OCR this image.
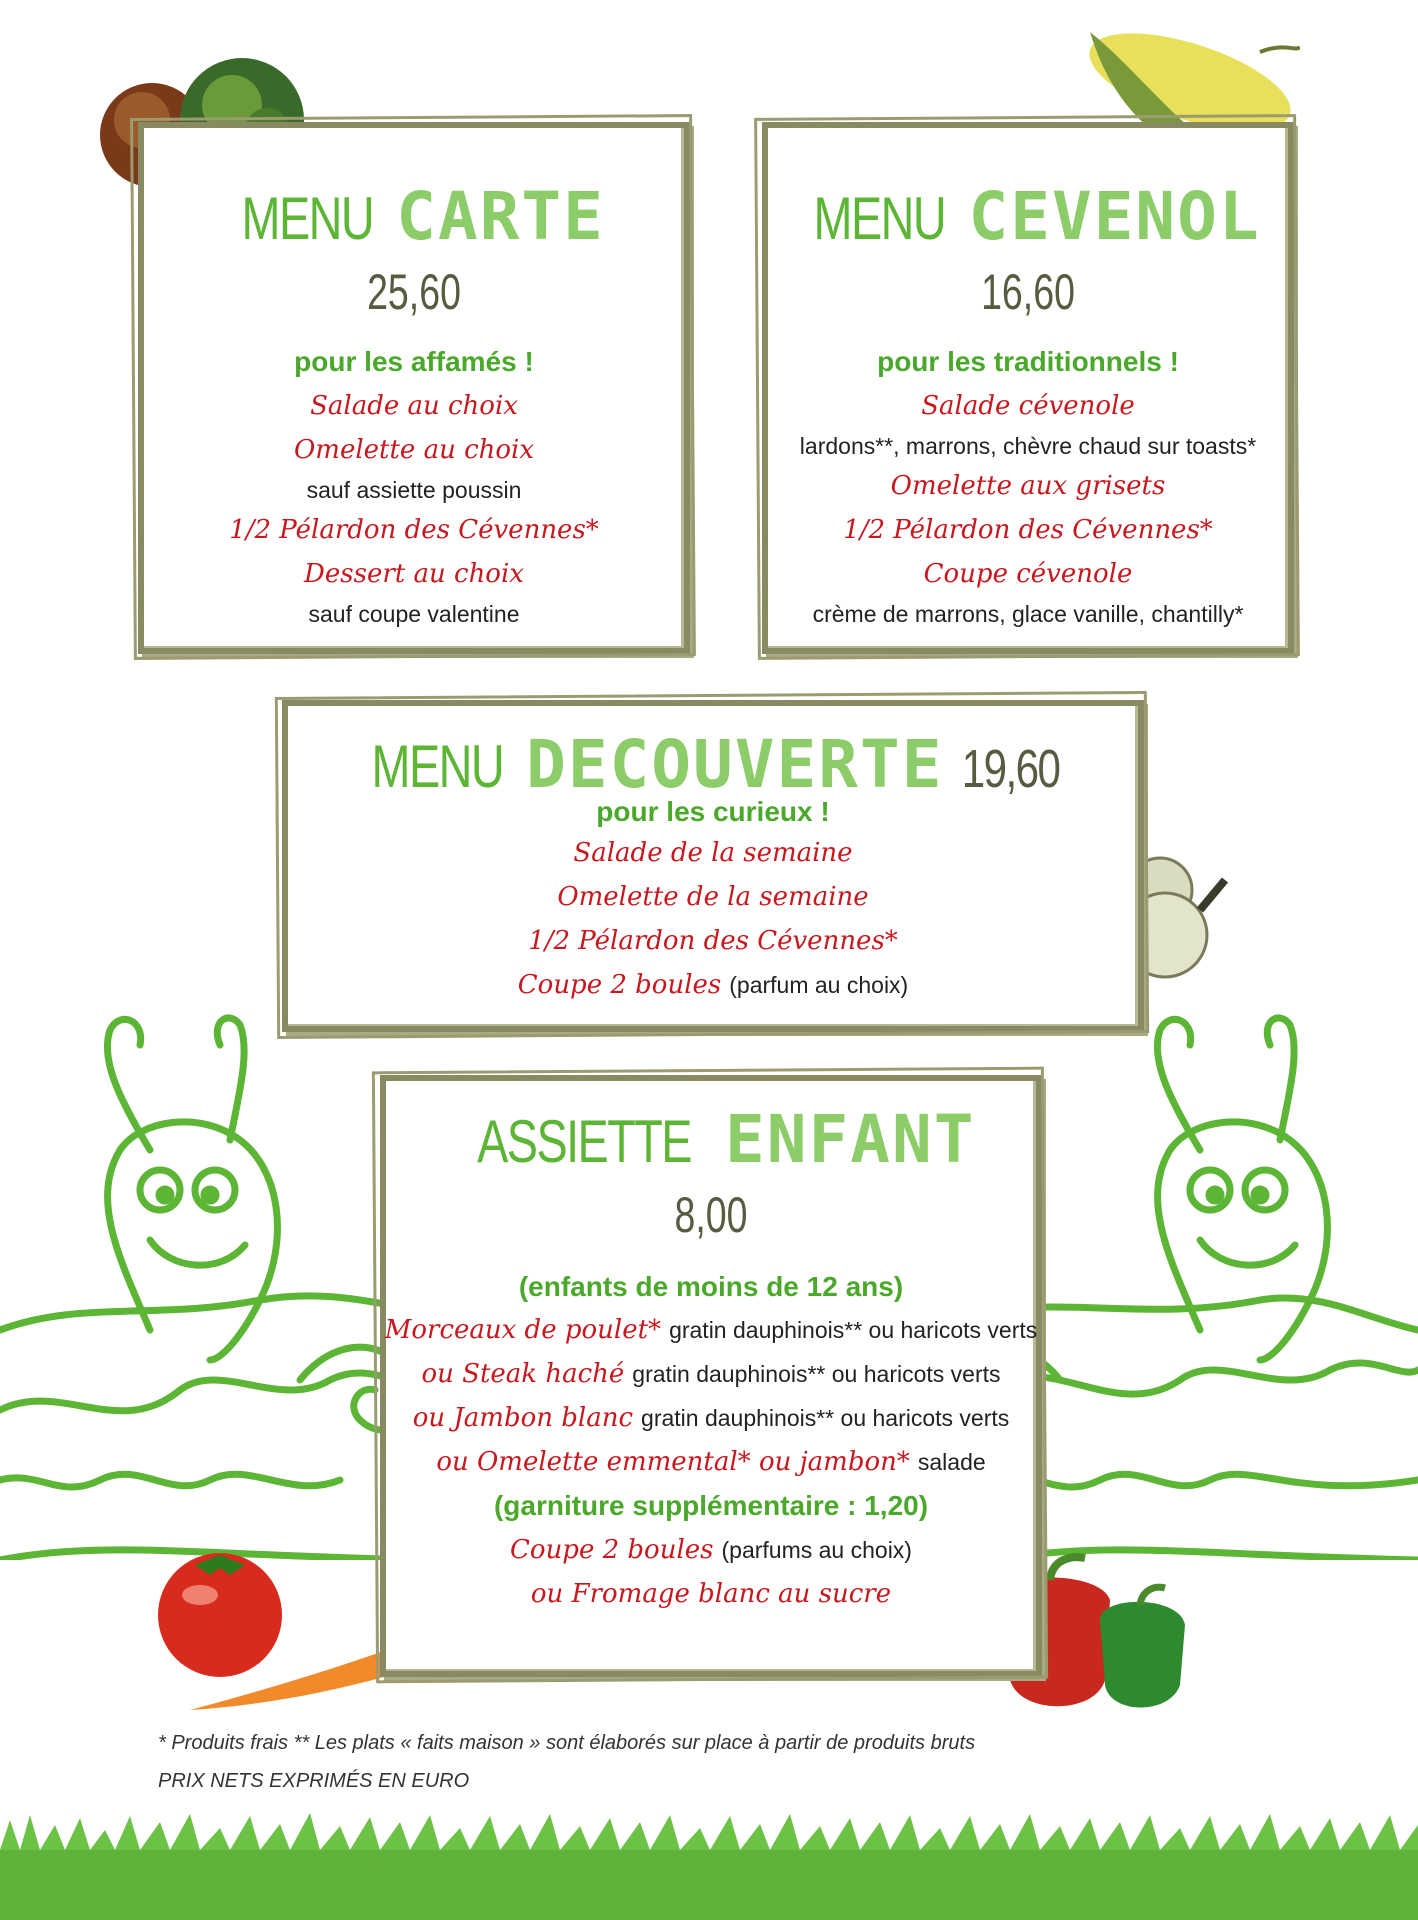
MENU CARTE
25,60
pour les affamés !
Salade au choix
Omelette au choix
sauf assiette poussin
1/2 Pélardon des Cévennes*
Dessert au choix
sauf coupe valentine
MENU CEVENOL
16,60
pour les traditionnels !
Salade cévenole
lardons**, marrons, chèvre chaud sur toasts*
Omelette aux grisets
1/2 Pélardon des Cévennes*
Coupe cévenole
crème de marrons, glace vanille, chantilly*
MENU DECOUVERTE 19,60
pour les curieux !
Salade de la semaine
Omelette de la semaine
1/2 Pélardon des Cévennes*
Coupe 2 boules (parfum au choix)
ASSIETTE ENFANT
8,00
(enfants de moins de 12 ans)
Morceaux de poulet* gratin dauphinois** ou haricots verts
ou Steak haché gratin dauphinois** ou haricots verts
ou Jambon blanc gratin dauphinois** ou haricots verts
ou Omelette emmental* ou jambon* salade
(garniture supplémentaire : 1,20)
Coupe 2 boules (parfums au choix)
ou Fromage blanc au sucre
* Produits frais ** Les plats « faits maison » sont élaborés sur place à partir de produits bruts
PRIX NETS EXPRIMÉS EN EURO
